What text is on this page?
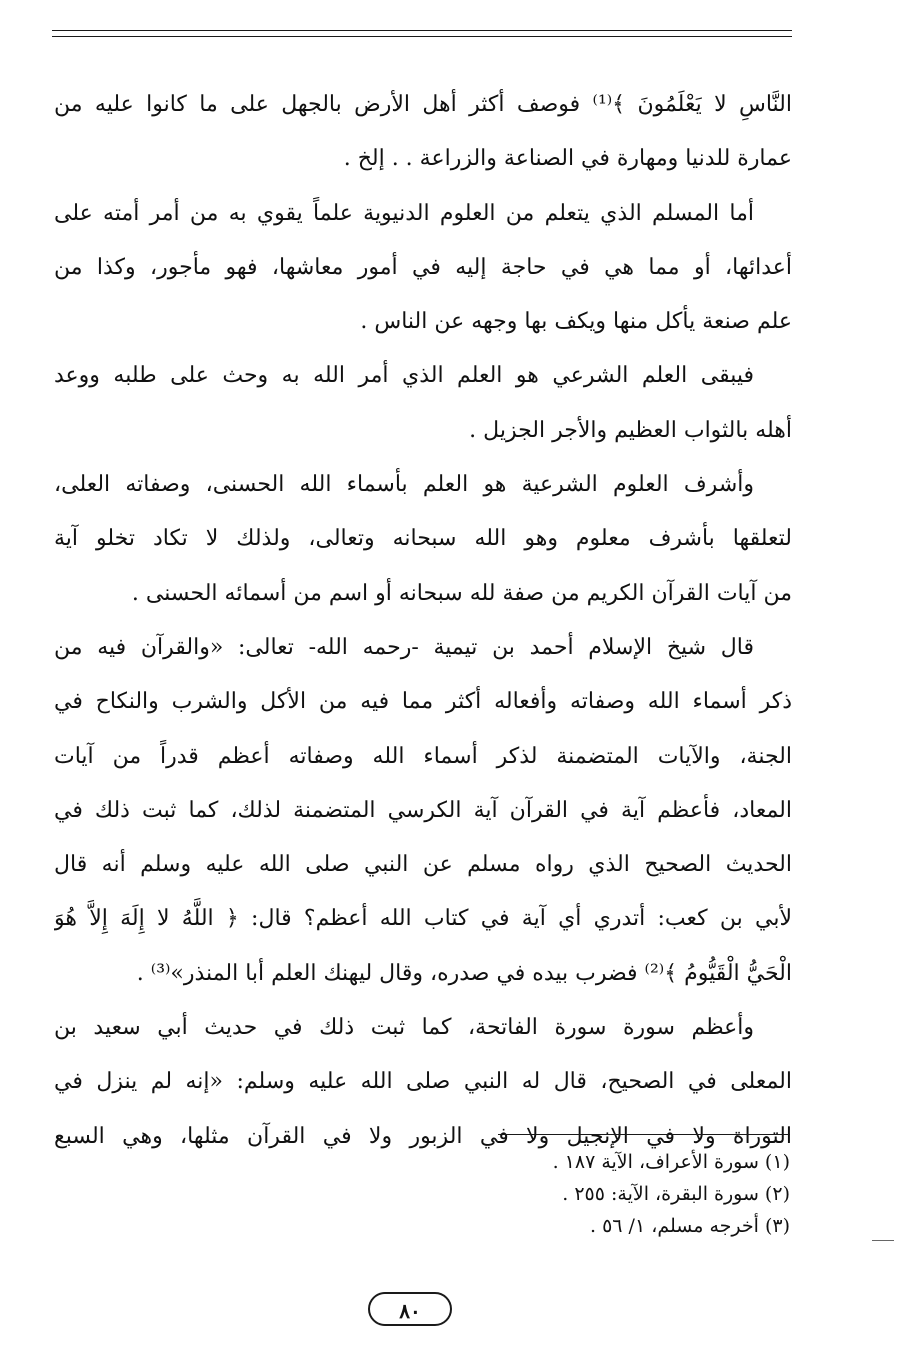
النَّاسِ لا يَعْلَمُونَ ﴾⁽¹⁾ فوصف أكثر أهل الأرض بالجهل على ما كانوا عليه من
عمارة للدنيا ومهارة في الصناعة والزراعة . . إلخ .
أما المسلم الذي يتعلم من العلوم الدنيوية علماً يقوي به من أمر أمته على
أعدائها، أو مما هي في حاجة إليه في أمور معاشها، فهو مأجور، وكذا من
علم صنعة يأكل منها ويكف بها وجهه عن الناس .
فيبقى العلم الشرعي هو العلم الذي أمر الله به وحث على طلبه ووعد
أهله بالثواب العظيم والأجر الجزيل .
وأشرف العلوم الشرعية هو العلم بأسماء الله الحسنى، وصفاته العلى،
لتعلقها بأشرف معلوم وهو الله سبحانه وتعالى، ولذلك لا تكاد تخلو آية
من آيات القرآن الكريم من صفة لله سبحانه أو اسم من أسمائه الحسنى .
قال شيخ الإسلام أحمد بن تيمية -رحمه الله- تعالى: «والقرآن فيه من
ذكر أسماء الله وصفاته وأفعاله أكثر مما فيه من الأكل والشرب والنكاح في
الجنة، والآيات المتضمنة لذكر أسماء الله وصفاته أعظم قدراً من آيات
المعاد، فأعظم آية في القرآن آية الكرسي المتضمنة لذلك، كما ثبت ذلك في
الحديث الصحيح الذي رواه مسلم عن النبي صلى الله عليه وسلم أنه قال
لأبي بن كعب: أتدري أي آية في كتاب الله أعظم؟ قال: ﴿ اللَّهُ لا إِلَهَ إِلاَّ هُوَ
الْحَيُّ الْقَيُّومُ ﴾⁽²⁾ فضرب بيده في صدره، وقال ليهنك العلم أبا المنذر»⁽³⁾ .
وأعظم سورة سورة الفاتحة، كما ثبت ذلك في حديث أبي سعيد بن
المعلى في الصحيح، قال له النبي صلى الله عليه وسلم: «إنه لم ينزل في
التوراة ولا في الإنجيل ولا في الزبور ولا في القرآن مثلها، وهي السبع
(١) سورة الأعراف، الآية ١٨٧ .
(٢) سورة البقرة، الآية: ٢٥٥ .
(٣) أخرجه مسلم، ١/ ٥٦ .
٨٠
